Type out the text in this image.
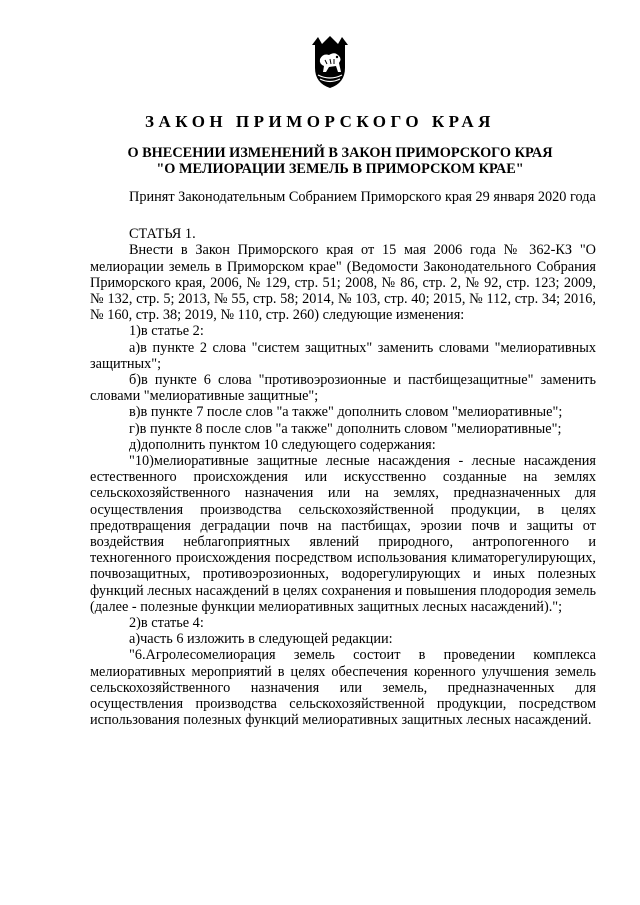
ЗАКОН ПРИМОРСКОГО КРАЯ
О ВНЕСЕНИИ ИЗМЕНЕНИЙ В ЗАКОН ПРИМОРСКОГО КРАЯ
"О МЕЛИОРАЦИИ ЗЕМЕЛЬ В ПРИМОРСКОМ КРАЕ"

Принят Законодательным Собранием Приморского края 29 января 2020 года

СТАТЬЯ 1.

Внести в Закон Приморского края от 15 мая 2006 года № 362-КЗ "О мелиорации земель в Приморском крае" (Ведомости Законодательного Собрания Приморского края, 2006, № 129, стр. 51; 2008, № 86, стр. 2, № 92, стр. 123; 2009, № 132, стр. 5; 2013, № 55, стр. 58; 2014, № 103, стр. 40; 2015, № 112, стр. 34; 2016, № 160, стр. 38; 2019, № 110, стр. 260) следующие изменения:

1)в статье 2:

а)в пункте 2 слова "систем защитных" заменить словами "мелиоративных защитных";

б)в пункте 6 слова "противоэрозионные и пастбищезащитные" заменить словами "мелиоративные защитные";

в)в пункте 7 после слов "а также" дополнить словом "мелиоративные";

г)в пункте 8 после слов "а также" дополнить словом "мелиоративные";

д)дополнить пунктом 10 следующего содержания:

"10)мелиоративные защитные лесные насаждения - лесные насаждения естественного происхождения или искусственно созданные на землях сельскохозяйственного назначения или на землях, предназначенных для осуществления производства сельскохозяйственной продукции, в целях предотвращения деградации почв на пастбищах, эрозии почв и защиты от воздействия неблагоприятных явлений природного, антропогенного и техногенного происхождения посредством использования климаторегулирующих, почвозащитных, противоэрозионных, водорегулирующих и иных полезных функций лесных насаждений в целях сохранения и повышения плодородия земель (далее - полезные функции мелиоративных защитных лесных насаждений).";

2)в статье 4:

а)часть 6 изложить в следующей редакции:

"6.Агролесомелиорация земель состоит в проведении комплекса мелиоративных мероприятий в целях обеспечения коренного улучшения земель сельскохозяйственного назначения или земель, предназначенных для осуществления производства сельскохозяйственной продукции, посредством использования полезных функций мелиоративных защитных лесных насаждений.
